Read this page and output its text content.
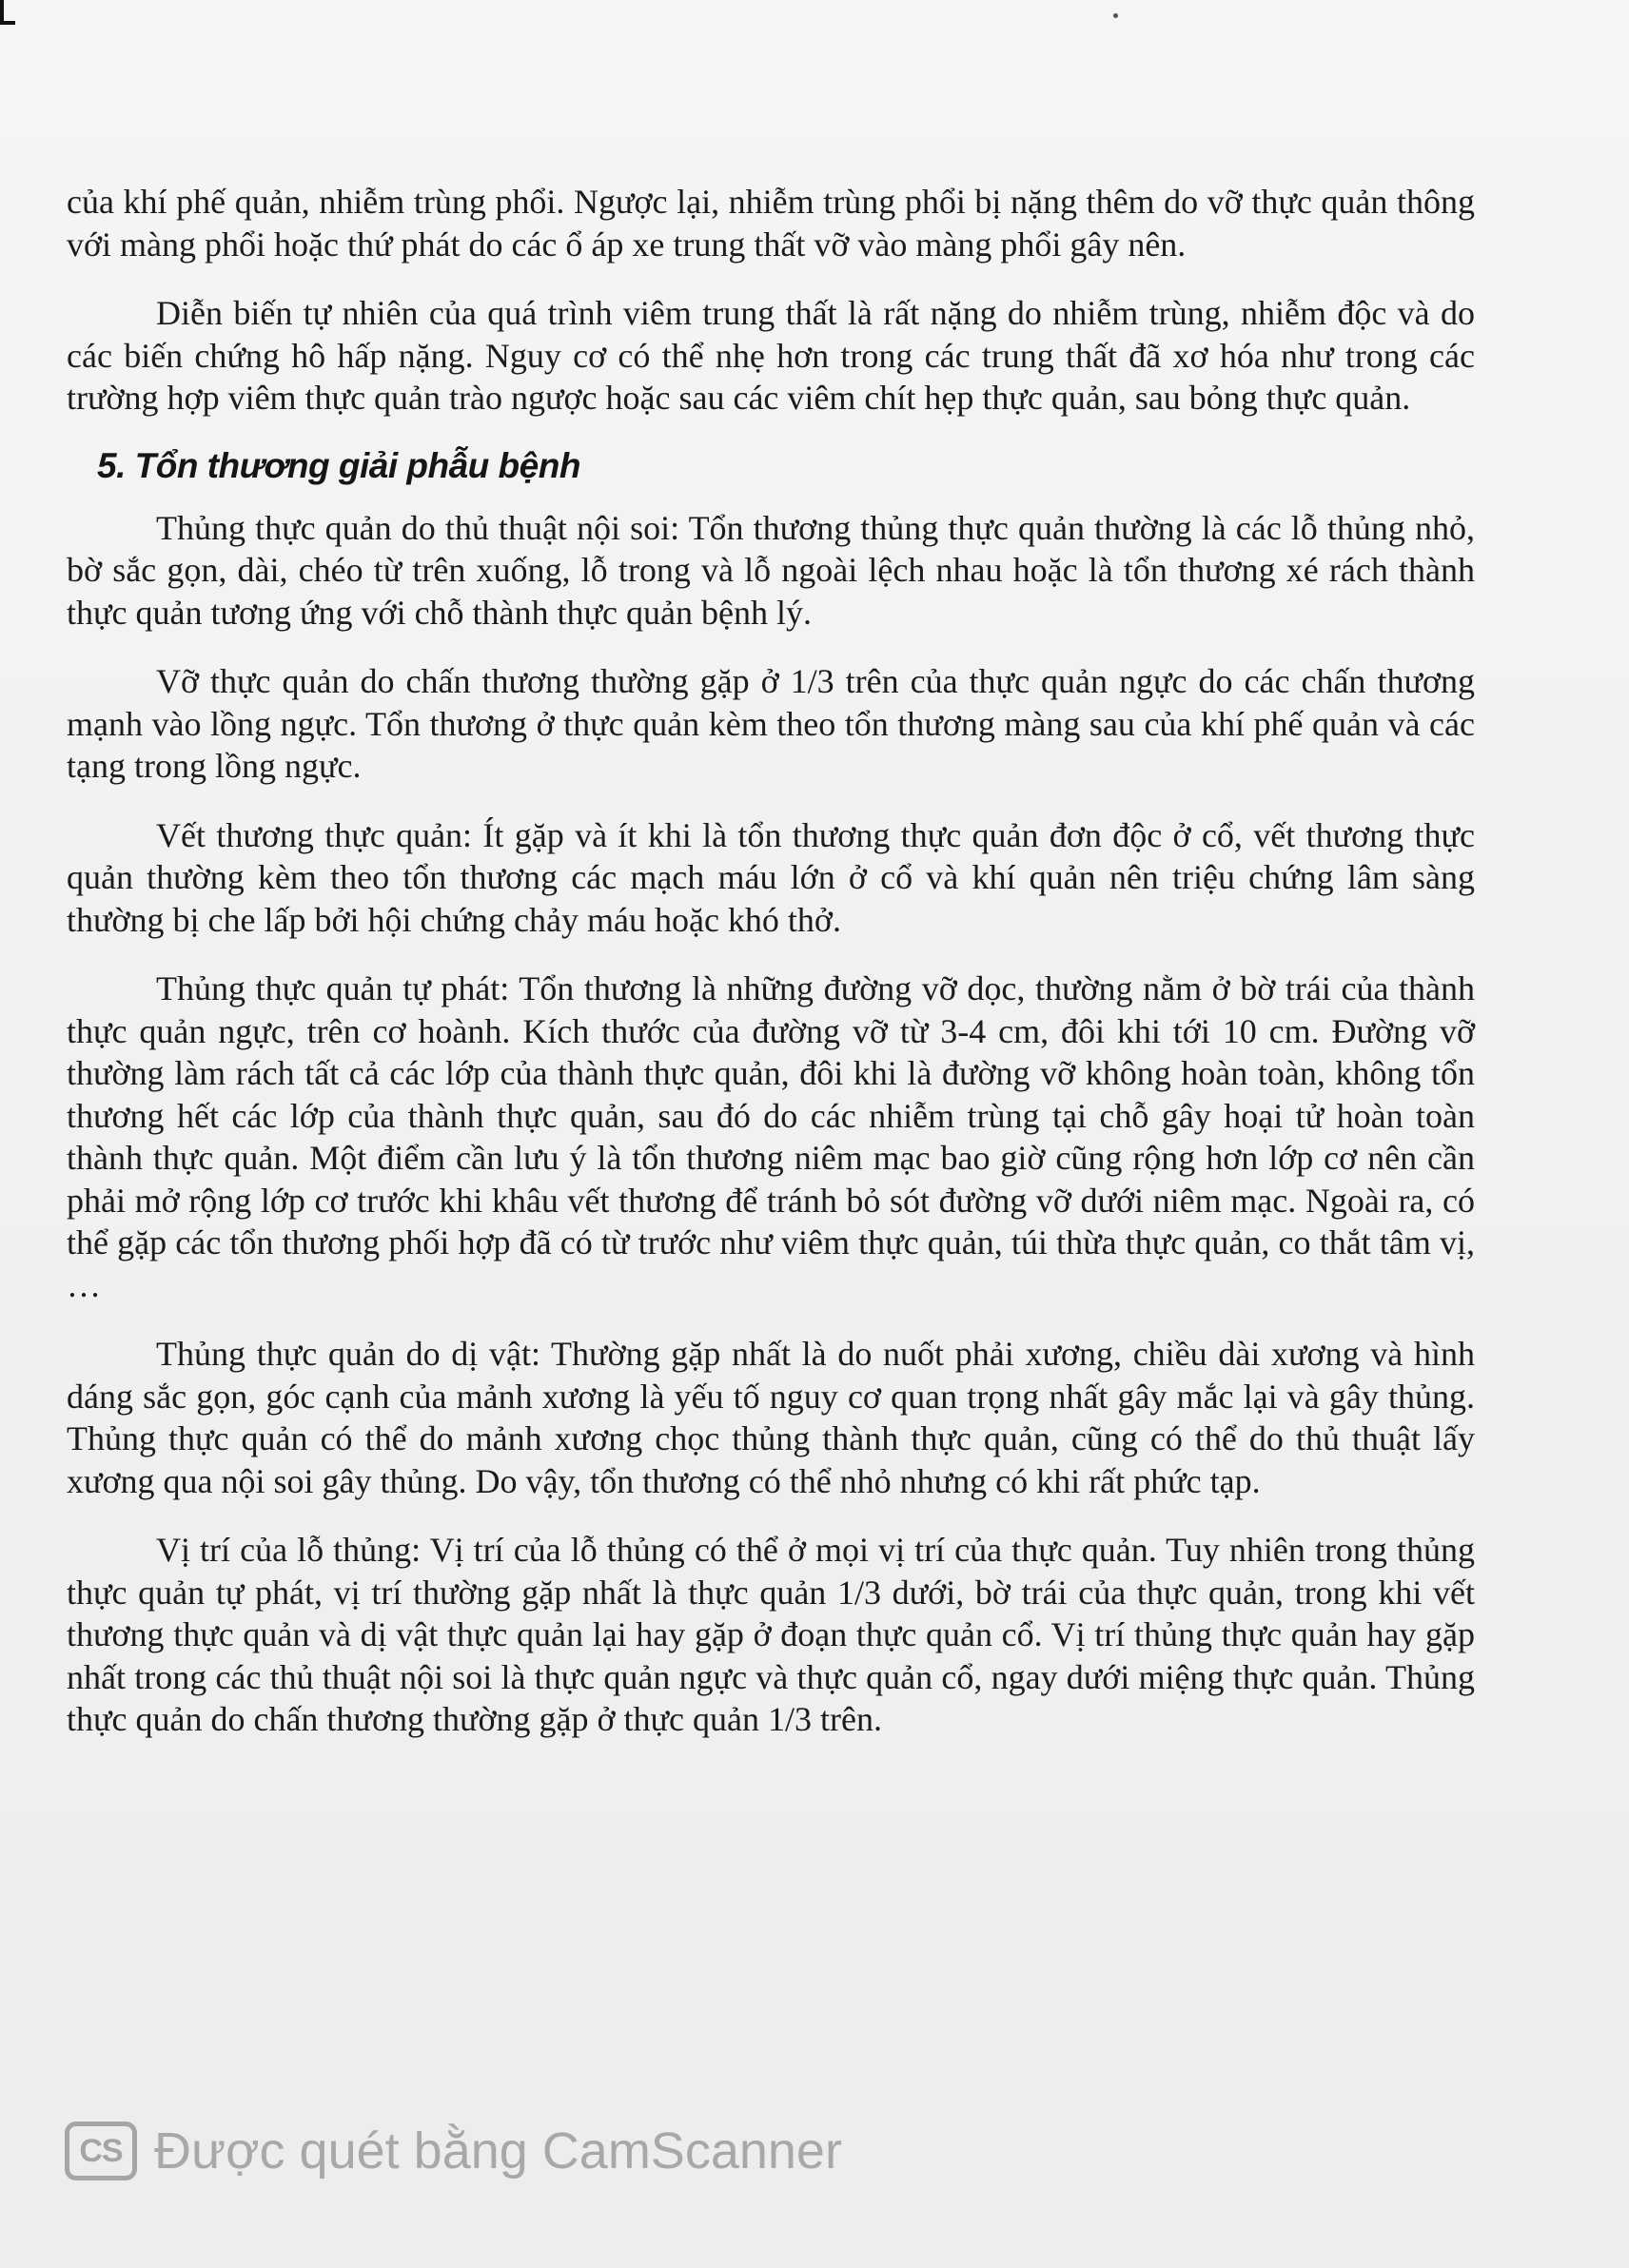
của khí phế quản, nhiễm trùng phổi. Ngược lại, nhiễm trùng phổi bị nặng thêm do vỡ thực quản thông với màng phổi hoặc thứ phát do các ổ áp xe trung thất vỡ vào màng phổi gây nên.

Diễn biến tự nhiên của quá trình viêm trung thất là rất nặng do nhiễm trùng, nhiễm độc và do các biến chứng hô hấp nặng. Nguy cơ có thể nhẹ hơn trong các trung thất đã xơ hóa như trong các trường hợp viêm thực quản trào ngược hoặc sau các viêm chít hẹp thực quản, sau bỏng thực quản.

5. Tổn thương giải phẫu bệnh

Thủng thực quản do thủ thuật nội soi: Tổn thương thủng thực quản thường là các lỗ thủng nhỏ, bờ sắc gọn, dài, chéo từ trên xuống, lỗ trong và lỗ ngoài lệch nhau hoặc là tổn thương xé rách thành thực quản tương ứng với chỗ thành thực quản bệnh lý.

Vỡ thực quản do chấn thương thường gặp ở 1/3 trên của thực quản ngực do các chấn thương mạnh vào lồng ngực. Tổn thương ở thực quản kèm theo tổn thương màng sau của khí phế quản và các tạng trong lồng ngực.

Vết thương thực quản: Ít gặp và ít khi là tổn thương thực quản đơn độc ở cổ, vết thương thực quản thường kèm theo tổn thương các mạch máu lớn ở cổ và khí quản nên triệu chứng lâm sàng thường bị che lấp bởi hội chứng chảy máu hoặc khó thở.

Thủng thực quản tự phát: Tổn thương là những đường vỡ dọc, thường nằm ở bờ trái của thành thực quản ngực, trên cơ hoành. Kích thước của đường vỡ từ 3-4 cm, đôi khi tới 10 cm. Đường vỡ thường làm rách tất cả các lớp của thành thực quản, đôi khi là đường vỡ không hoàn toàn, không tổn thương hết các lớp của thành thực quản, sau đó do các nhiễm trùng tại chỗ gây hoại tử hoàn toàn thành thực quản. Một điểm cần lưu ý là tổn thương niêm mạc bao giờ cũng rộng hơn lớp cơ nên cần phải mở rộng lớp cơ trước khi khâu vết thương để tránh bỏ sót đường vỡ dưới niêm mạc. Ngoài ra, có thể gặp các tổn thương phối hợp đã có từ trước như viêm thực quản, túi thừa thực quản, co thắt tâm vị, …

Thủng thực quản do dị vật: Thường gặp nhất là do nuốt phải xương, chiều dài xương và hình dáng sắc gọn, góc cạnh của mảnh xương là yếu tố nguy cơ quan trọng nhất gây mắc lại và gây thủng. Thủng thực quản có thể do mảnh xương chọc thủng thành thực quản, cũng có thể do thủ thuật lấy xương qua nội soi gây thủng. Do vậy, tổn thương có thể nhỏ nhưng có khi rất phức tạp.

Vị trí của lỗ thủng: Vị trí của lỗ thủng có thể ở mọi vị trí của thực quản. Tuy nhiên trong thủng thực quản tự phát, vị trí thường gặp nhất là thực quản 1/3 dưới, bờ trái của thực quản, trong khi vết thương thực quản và dị vật thực quản lại hay gặp ở đoạn thực quản cổ. Vị trí thủng thực quản hay gặp nhất trong các thủ thuật nội soi là thực quản ngực và thực quản cổ, ngay dưới miệng thực quản. Thủng thực quản do chấn thương thường gặp ở thực quản 1/3 trên.

CS Được quét bằng CamScanner
